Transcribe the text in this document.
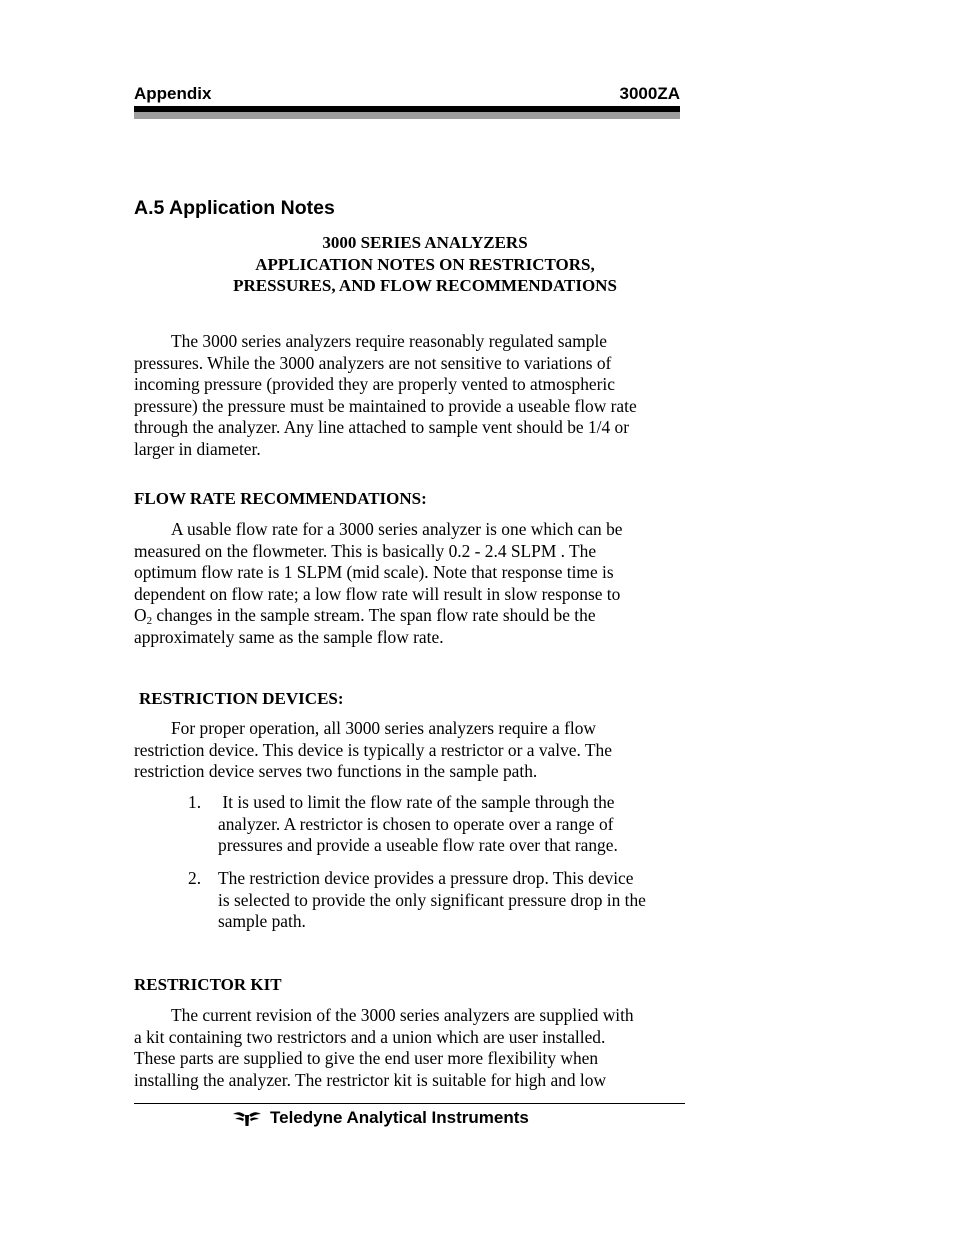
Appendix	3000ZA
A.5 Application Notes
3000 SERIES ANALYZERS
APPLICATION NOTES ON RESTRICTORS,
PRESSURES, AND FLOW RECOMMENDATIONS
The 3000 series analyzers require reasonably regulated sample
pressures. While the 3000 analyzers are not sensitive to variations of
incoming pressure (provided they are properly vented to atmospheric
pressure) the pressure must be maintained to provide a useable flow rate
through the analyzer. Any line attached to sample vent should be 1/4 or
larger in diameter.
FLOW RATE RECOMMENDATIONS:
A usable flow rate for a 3000 series analyzer is one which can be
measured on the flowmeter. This is basically 0.2 - 2.4 SLPM . The
optimum flow rate is 1 SLPM (mid scale). Note that response time is
dependent on flow rate; a low flow rate will result in slow response to
$O_2$ changes in the sample stream. The span flow rate should be the
approximately same as the sample flow rate.
RESTRICTION DEVICES:
For proper operation, all 3000 series analyzers require a flow
restriction device. This device is typically a restrictor or a valve. The
restriction device serves two functions in the sample path.
1. It is used to limit the flow rate of the sample through the
analyzer. A restrictor is chosen to operate over a range of
pressures and provide a useable flow rate over that range.
2. The restriction device provides a pressure drop. This device
is selected to provide the only significant pressure drop in the
sample path.
RESTRICTOR KIT
The current revision of the 3000 series analyzers are supplied with
a kit containing two restrictors and a union which are user installed.
These parts are supplied to give the end user more flexibility when
installing the analyzer. The restrictor kit is suitable for high and low
Teledyne Analytical Instruments
